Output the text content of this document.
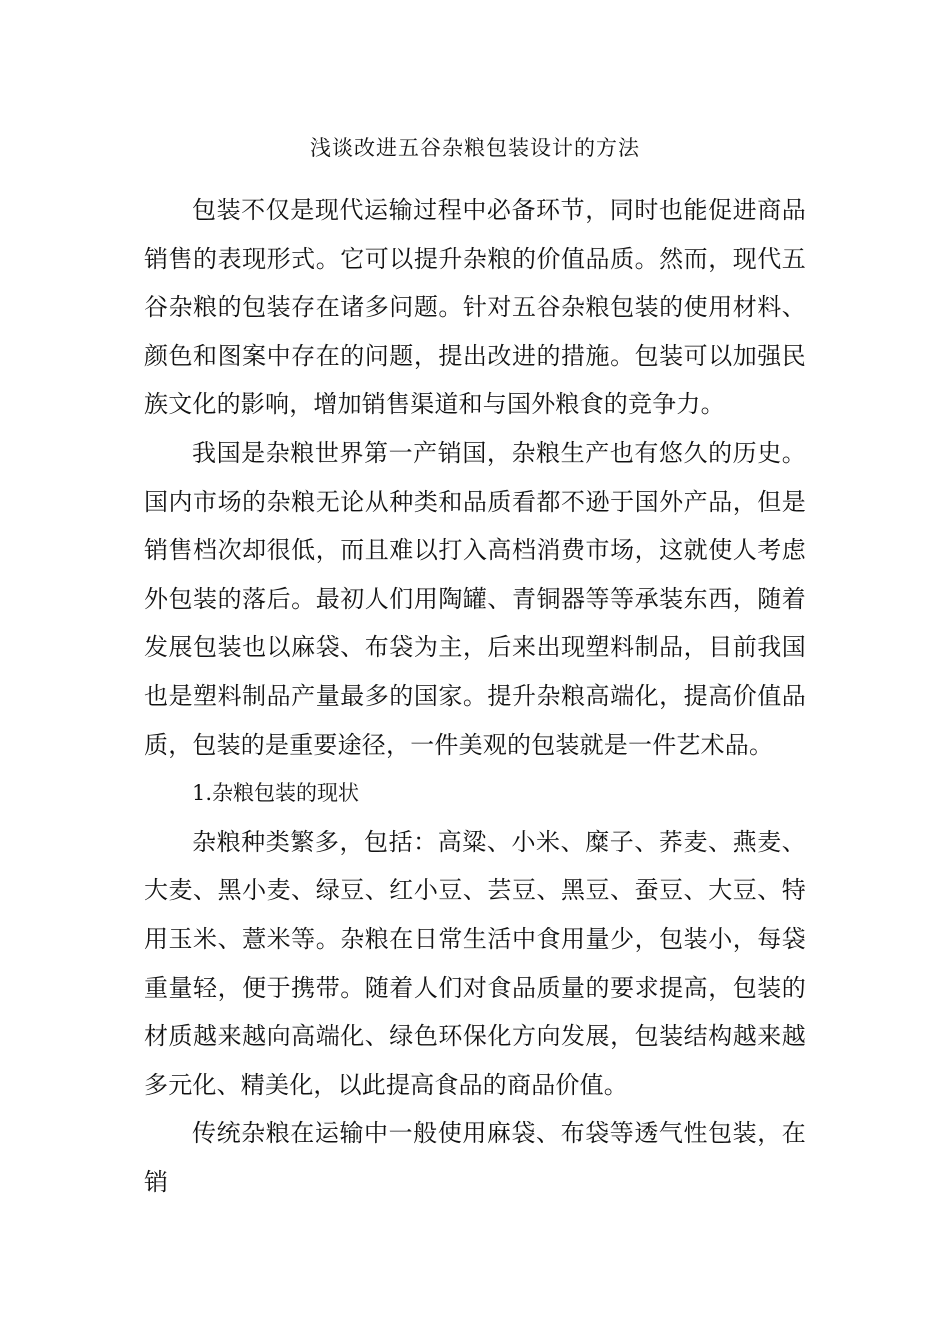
浅谈改进五谷杂粮包装设计的方法

包装不仅是现代运输过程中必备环节，同时也能促进商品销售的表现形式。它可以提升杂粮的价值品质。然而，现代五谷杂粮的包装存在诸多问题。针对五谷杂粮包装的使用材料、颜色和图案中存在的问题，提出改进的措施。包装可以加强民族文化的影响，增加销售渠道和与国外粮食的竞争力。

我国是杂粮世界第一产销国，杂粮生产也有悠久的历史。国内市场的杂粮无论从种类和品质看都不逊于国外产品，但是销售档次却很低，而且难以打入高档消费市场，这就使人考虑外包装的落后。最初人们用陶罐、青铜器等等承装东西，随着发展包装也以麻袋、布袋为主，后来出现塑料制品，目前我国也是塑料制品产量最多的国家。提升杂粮高端化，提高价值品质，包装的是重要途径，一件美观的包装就是一件艺术品。

1.杂粮包装的现状

杂粮种类繁多，包括：高粱、小米、糜子、荞麦、燕麦、大麦、黑小麦、绿豆、红小豆、芸豆、黑豆、蚕豆、大豆、特用玉米、薏米等。杂粮在日常生活中食用量少，包装小，每袋重量轻，便于携带。随着人们对食品质量的要求提高，包装的材质越来越向高端化、绿色环保化方向发展，包装结构越来越多元化、精美化，以此提高食品的商品价值。

传统杂粮在运输中一般使用麻袋、布袋等透气性包装，在销
